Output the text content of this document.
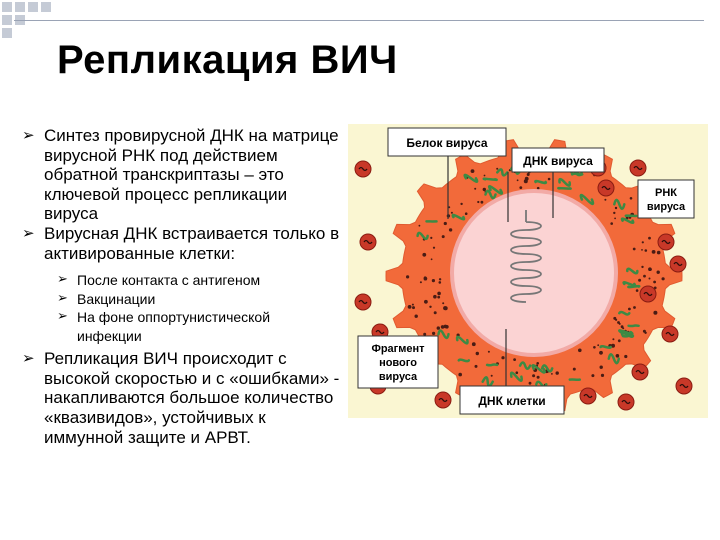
Репликация ВИЧ

➢ Синтез провирусной ДНК на матрице вирусной РНК под действием обратной транскриптазы – это ключевой процесс репликации вируса

➢ Вирусная ДНК встраивается только в активированные клетки:

➢ После контакта с антигеном
➢ Вакцинации
➢ На фоне оппортунистической инфекции

➢ Репликация ВИЧ происходит с высокой скоростью и с «ошибками» - накапливаются большое количество «квазивидов», устойчивых к иммунной защите и АРВТ.

Белок вируса
ДНК вируса
РНК
вируса
Фрагмент
нового
вируса
ДНК клетки
